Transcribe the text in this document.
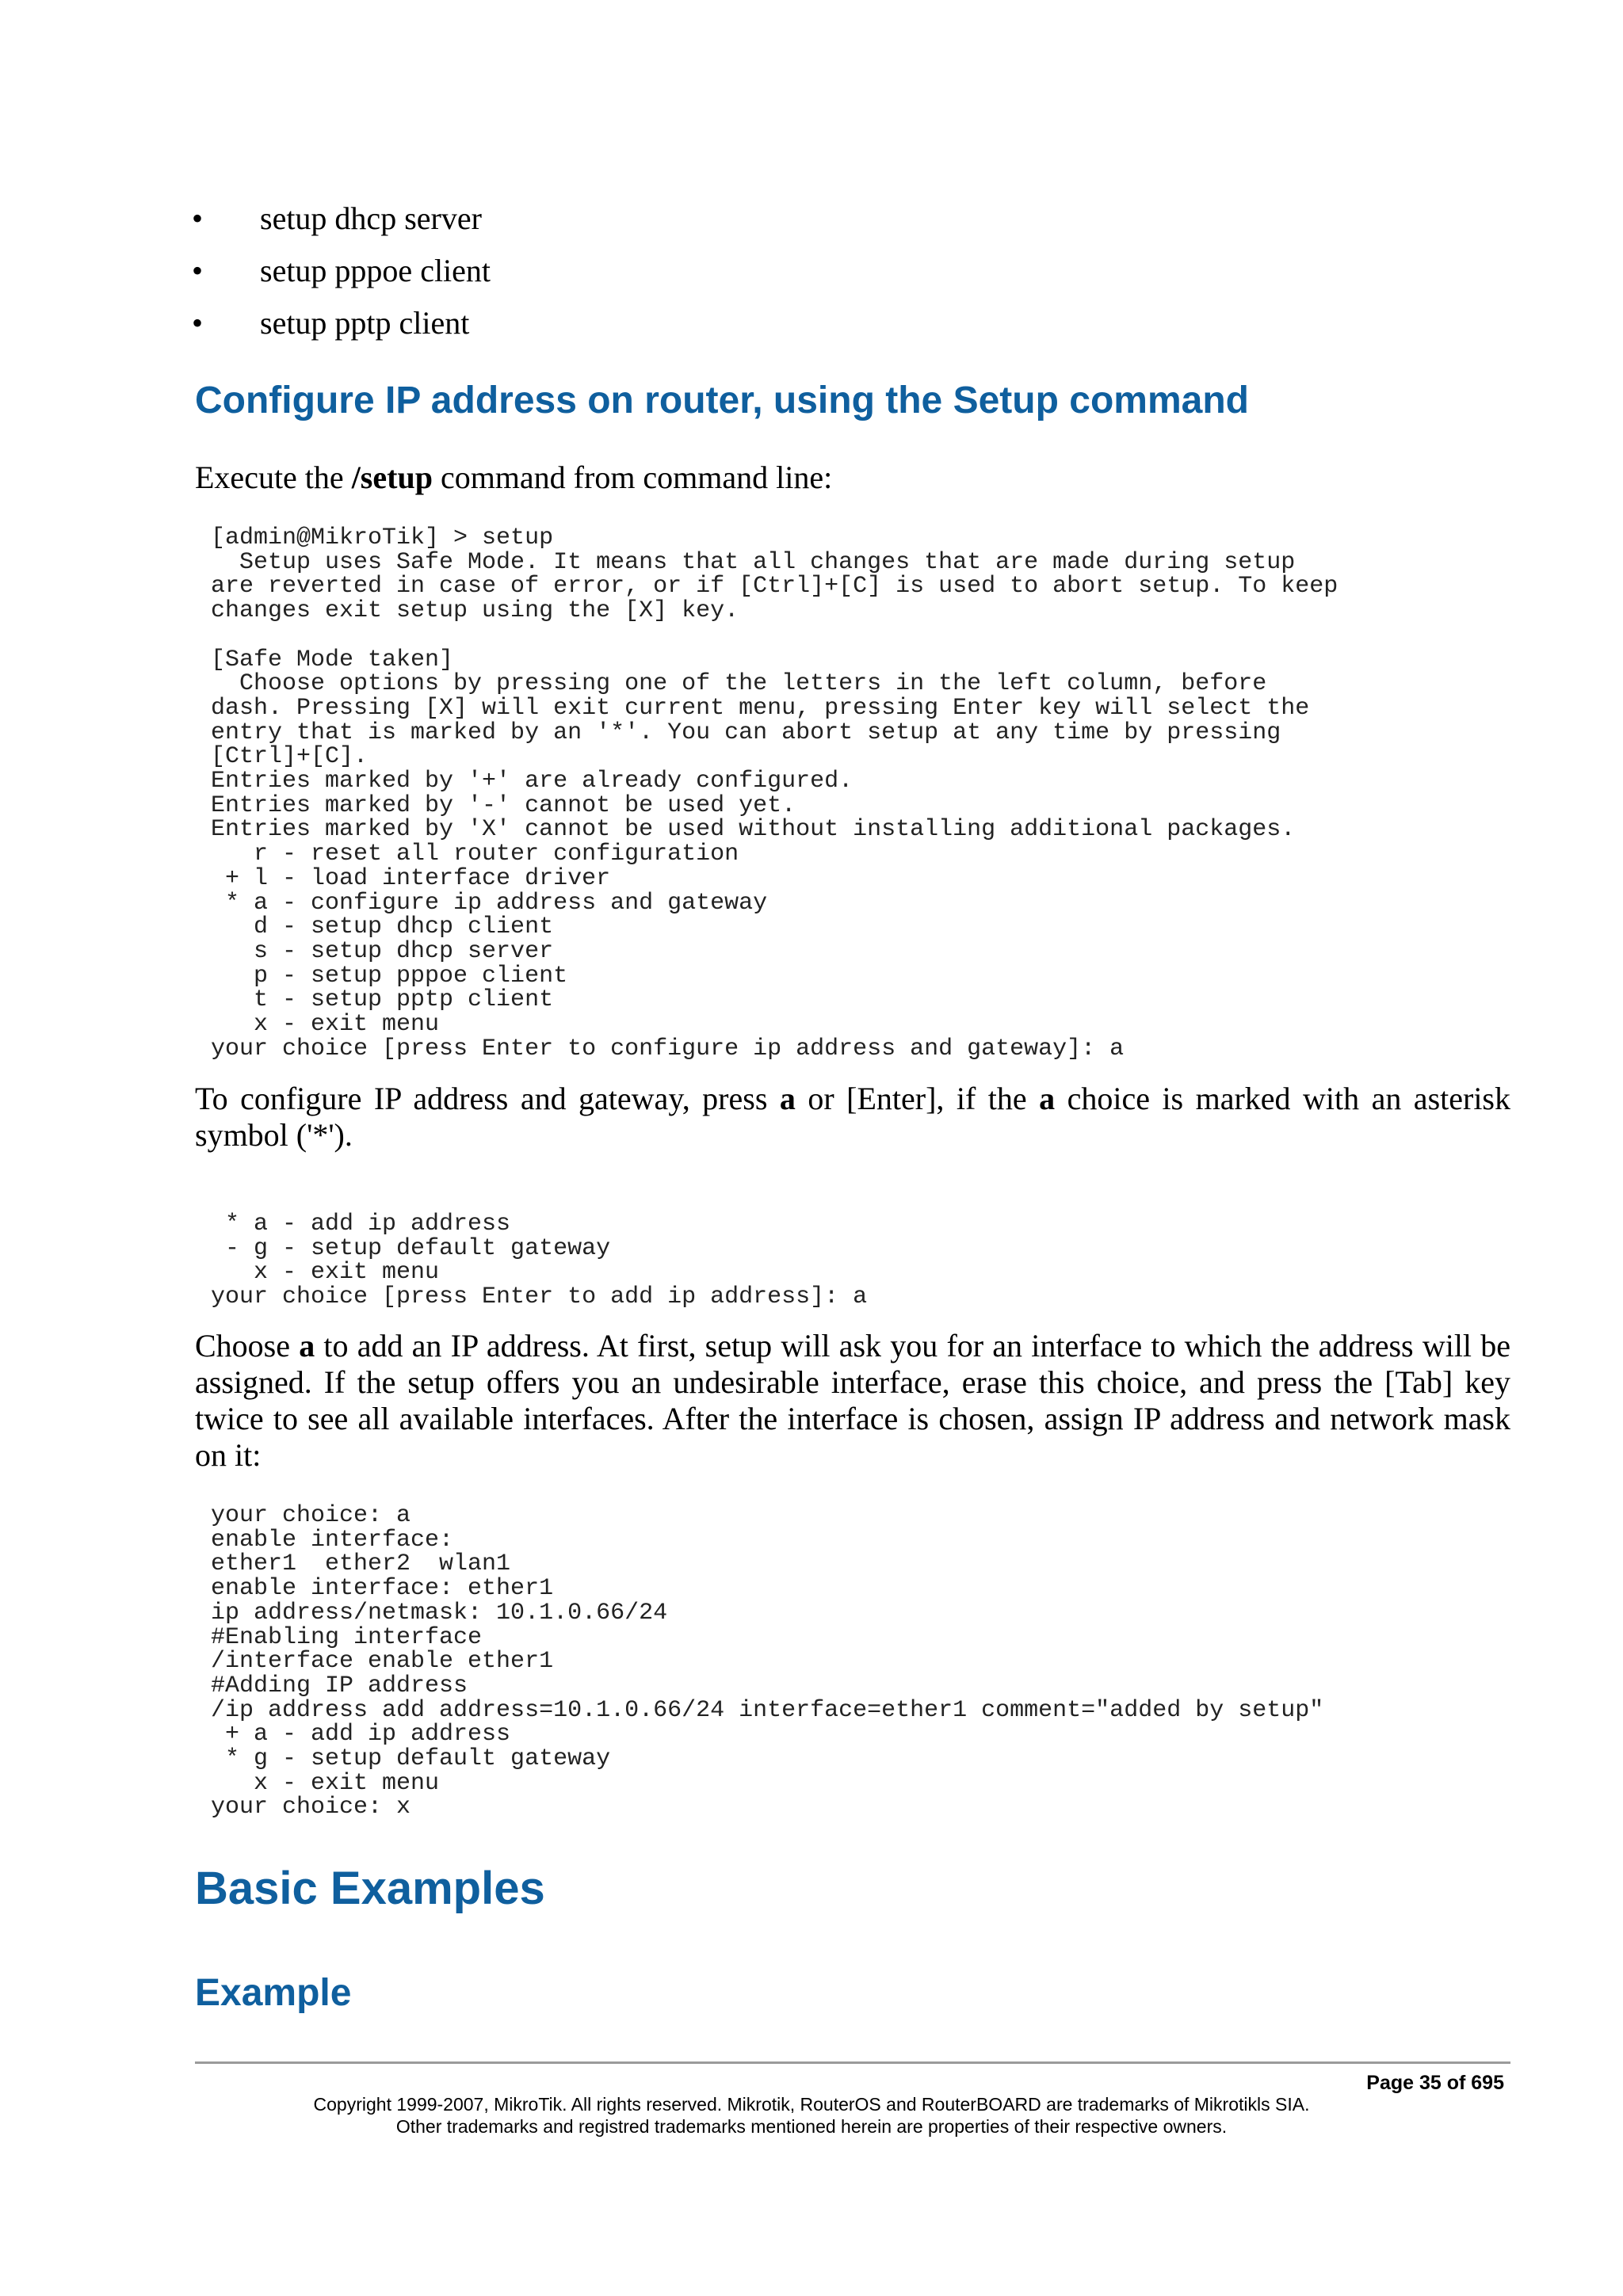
• setup dhcp server
• setup pppoe client
• setup pptp client
Configure IP address on router, using the Setup command

Execute the /setup command from command line:

[admin@MikroTik] > setup
Setup uses Safe Mode. It means that all changes that are made during setup
are reverted in case of error, or if [Ctrl]+[C] is used to abort setup. To keep
changes exit setup using the [X] key.

[Safe Mode taken]
Choose options by pressing one of the letters in the left column, before
dash. Pressing [X] will exit current menu, pressing Enter key will select the
entry that is marked by an '*'. You can abort setup at any time by pressing
[Ctrl]+[C].
Entries marked by '+' are already configured.
Entries marked by '-' cannot be used yet.
Entries marked by 'X' cannot be used without installing additional packages.
r - reset all router configuration
+ l - load interface driver
* a - configure ip address and gateway
d - setup dhcp client
s - setup dhcp server
p - setup pppoe client
t - setup pptp client
x - exit menu
your choice [press Enter to configure ip address and gateway]: a

To configure IP address and gateway, press a or [Enter], if the a choice is marked with an asterisk symbol ('*').

* a - add ip address
- g - setup default gateway
x - exit menu
your choice [press Enter to add ip address]: a

Choose a to add an IP address. At first, setup will ask you for an interface to which the address will be assigned. If the setup offers you an undesirable interface, erase this choice, and press the [Tab] key twice to see all available interfaces. After the interface is chosen, assign IP address and network mask on it:

your choice: a
enable interface:
ether1  ether2  wlan1
enable interface: ether1
ip address/netmask: 10.1.0.66/24
#Enabling interface
/interface enable ether1
#Adding IP address
/ip address add address=10.1.0.66/24 interface=ether1 comment="added by setup"
+ a - add ip address
* g - setup default gateway
x - exit menu
your choice: x
Basic Examples
Example
Page 35 of 695
Copyright 1999-2007, MikroTik. All rights reserved. Mikrotik, RouterOS and RouterBOARD are trademarks of Mikrotikls SIA.
Other trademarks and registred trademarks mentioned herein are properties of their respective owners.
